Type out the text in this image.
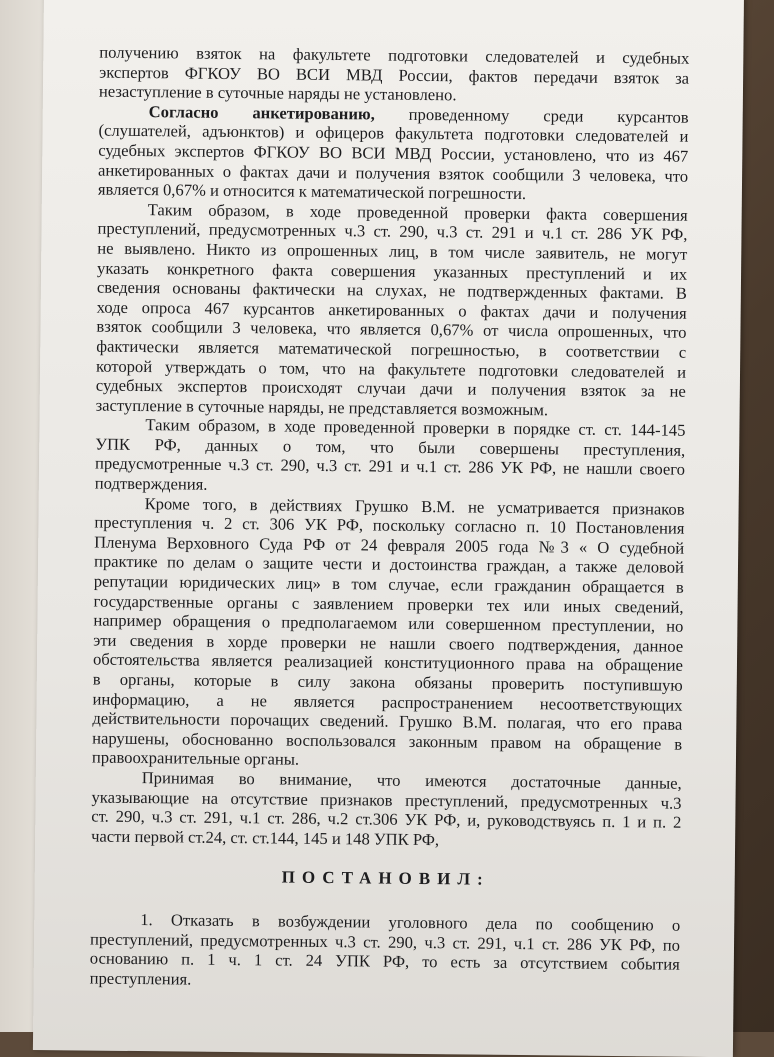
получению взяток на факультете подготовки следователей и судебных
экспертов ФГКОУ ВО ВСИ МВД России, фактов передачи взяток за
незаступление в суточные наряды не установлено.
Согласно анкетированию, проведенному среди курсантов
(слушателей, адъюнктов) и офицеров факультета подготовки следователей и
судебных экспертов ФГКОУ ВО ВСИ МВД России, установлено, что из 467
анкетированных о фактах дачи и получения взяток сообщили 3 человека, что
является 0,67% и относится к математической погрешности.
Таким образом, в ходе проведенной проверки факта совершения
преступлений, предусмотренных ч.3 ст. 290, ч.3 ст. 291 и ч.1 ст. 286 УК РФ,
не выявлено. Никто из опрошенных лиц, в том числе заявитель, не могут
указать конкретного факта совершения указанных преступлений и их
сведения основаны фактически на слухах, не подтвержденных фактами. В
ходе опроса 467 курсантов анкетированных о фактах дачи и получения
взяток сообщили 3 человека, что является 0,67% от числа опрошенных, что
фактически является математической погрешностью, в соответствии с
которой утверждать о том, что на факультете подготовки следователей и
судебных экспертов происходят случаи дачи и получения взяток за не
заступление в суточные наряды, не представляется возможным.
Таким образом, в ходе проведенной проверки в порядке ст. ст. 144-145
УПК РФ, данных о том, что были совершены преступления,
предусмотренные ч.3 ст. 290, ч.3 ст. 291 и ч.1 ст. 286 УК РФ, не нашли своего
подтверждения.
Кроме того, в действиях Грушко В.М. не усматривается признаков
преступления ч. 2 ст. 306 УК РФ, поскольку согласно п. 10 Постановления
Пленума Верховного Суда РФ от 24 февраля 2005 года №3 « О судебной
практике по делам о защите чести и достоинства граждан, а также деловой
репутации юридических лиц» в том случае, если гражданин обращается в
государственные органы с заявлением проверки тех или иных сведений,
например обращения о предполагаемом или совершенном преступлении, но
эти сведения в хорде проверки не нашли своего подтверждения, данное
обстоятельства является реализацией конституционного права на обращение
в органы, которые в силу закона обязаны проверить поступившую
информацию, а не является распространением несоответствующих
действительности порочащих сведений. Грушко В.М. полагая, что его права
нарушены, обоснованно воспользовался законным правом на обращение в
правоохранительные органы.
Принимая во внимание, что имеются достаточные данные,
указывающие на отсутствие признаков преступлений, предусмотренных ч.3
ст. 290, ч.3 ст. 291, ч.1 ст. 286, ч.2 ст.306 УК РФ, и, руководствуясь п. 1 и п. 2
части первой ст.24, ст. ст.144, 145 и 148 УПК РФ,
ПОСТАНОВИЛ:
1. Отказать в возбуждении уголовного дела по сообщению о
преступлений, предусмотренных ч.3 ст. 290, ч.3 ст. 291, ч.1 ст. 286 УК РФ, по
основанию п. 1 ч. 1 ст. 24 УПК РФ, то есть за отсутствием события
преступления.
